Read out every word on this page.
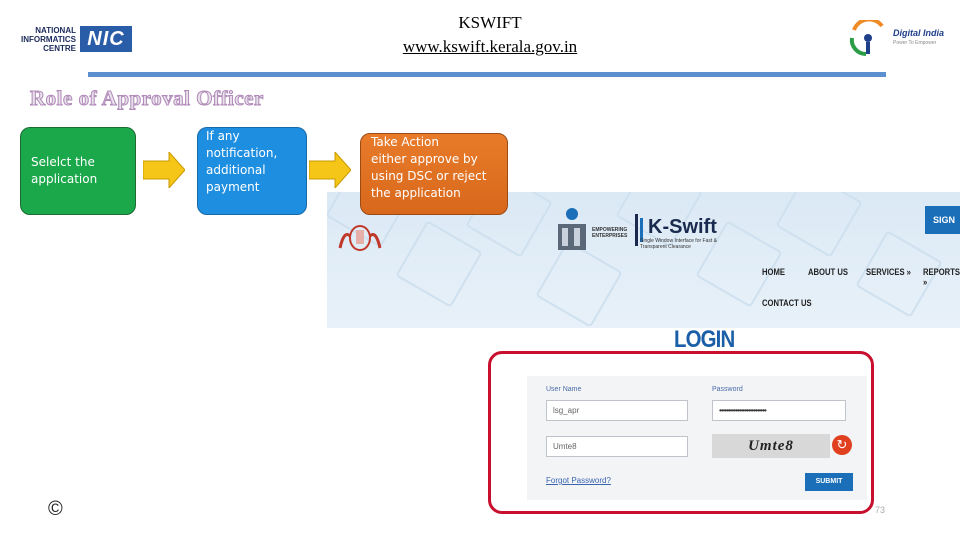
NATIONAL
INFORMATICS
CENTRE NIC
KSWIFT
www.kswift.kerala.gov.in
Digital India
Power To Empower
Role of Approval Officer
Selelct the
application
If any
notification,
additional
payment
EMPOWERING
ENTERPRISES K-Swift
Single Window Interface for Fast & Transparent Clearance
SIGN
HOME	ABOUT US SERVICES » REPORTS »
CONTACT US
Take Action
either approve by
using DSC or reject
the application
LOGIN
User Name
lsg_apr
Password
••••••••••••••••••••••••••
Umte8	Umte8	↻
Forgot Password?	SUBMIT
©	73
